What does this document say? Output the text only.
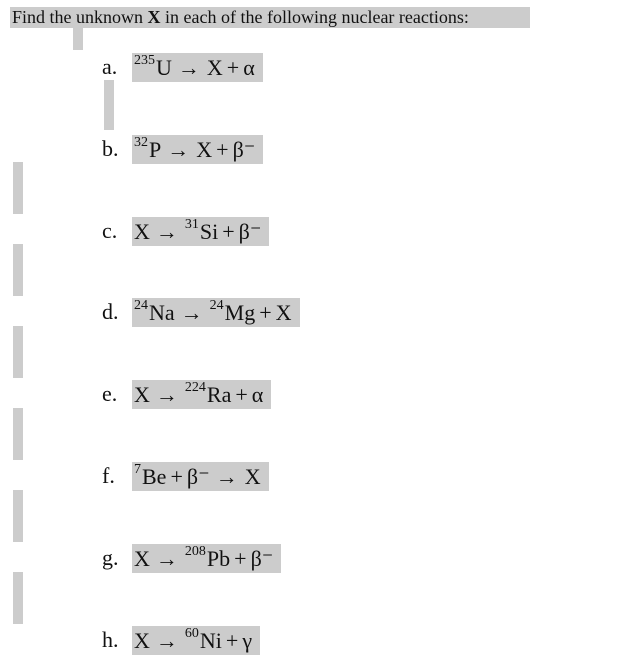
Find the unknown X in each of the following nuclear reactions:
a.	235 U → X + α
b.	32 P → X + β⁻
c. X → 31 Si + β⁻
d.	24 Na → 24 Mg + X
e. X → 224 Ra + α
f.	7 Be + β⁻ → X
g. X → 208 Pb + β⁻
h. X → 60 Ni + γ
